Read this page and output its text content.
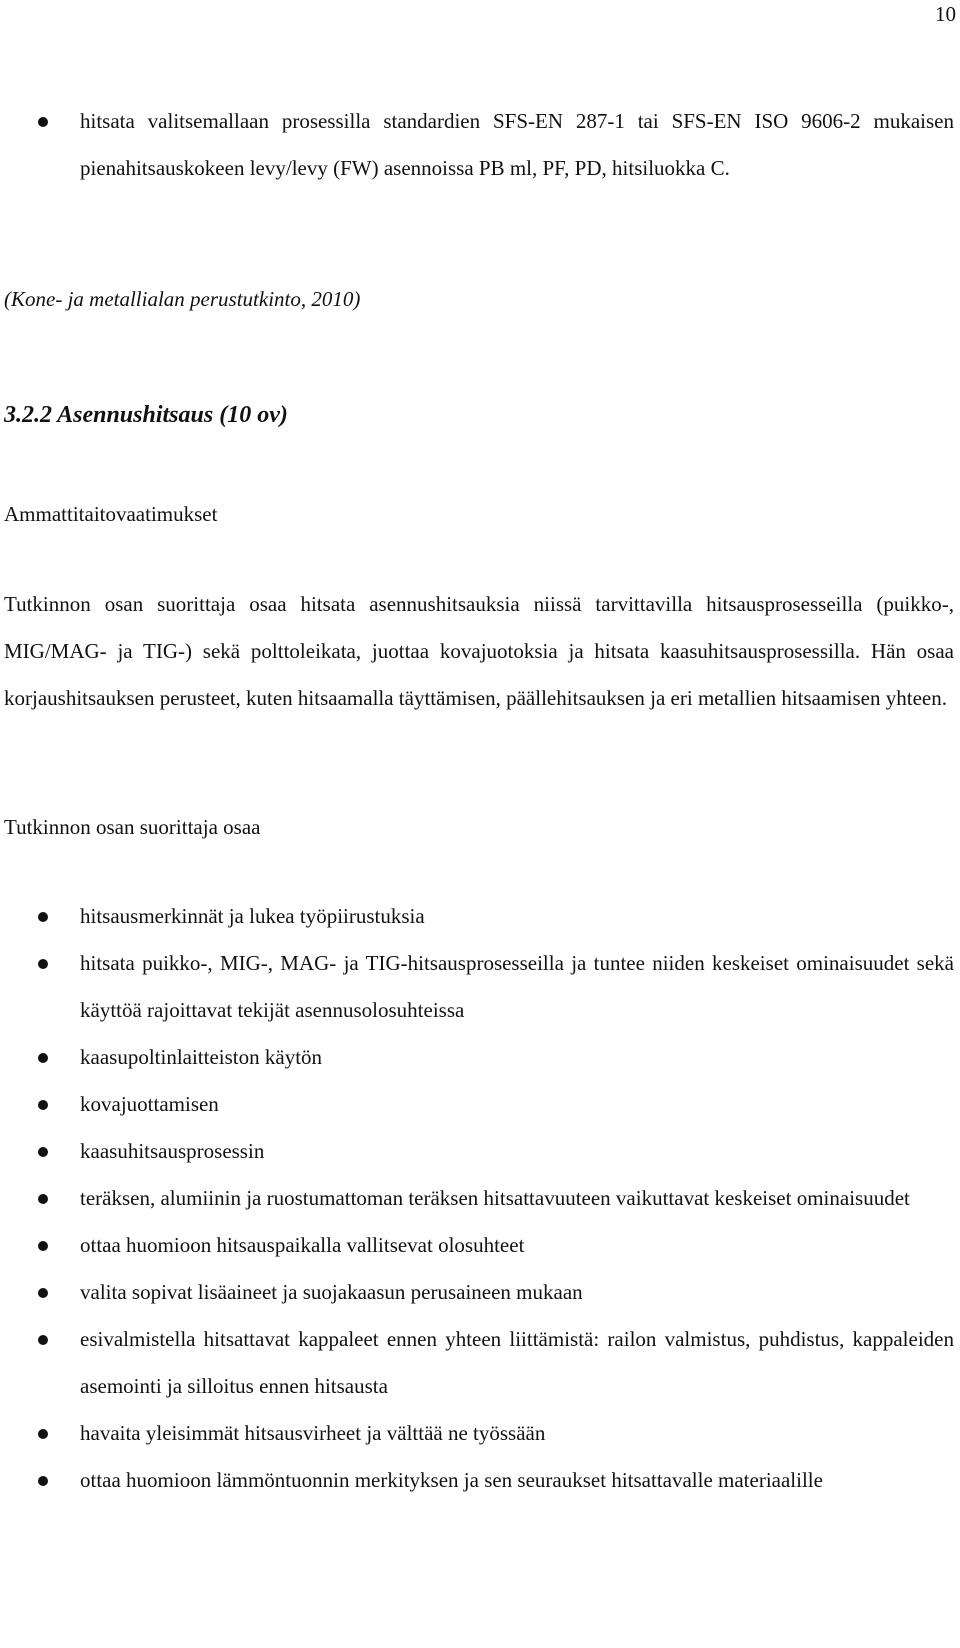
10
hitsata valitsemallaan prosessilla standardien SFS-EN 287-1 tai SFS-EN ISO 9606-2 mukaisen pienahitsauskokeen levy/levy (FW) asennoissa PB ml, PF, PD, hitsiluokka C.
(Kone- ja metallialan perustutkinto, 2010)
3.2.2 Asennushitsaus (10 ov)
Ammattitaitovaatimukset
Tutkinnon osan suorittaja osaa hitsata asennushitsauksia niissä tarvittavilla hitsausprosesseilla (puikko-, MIG/MAG- ja TIG-) sekä polttoleikata, juottaa kovajuotoksia ja hitsata kaasuhitsausprosessilla. Hän osaa korjaushitsauksen perusteet, kuten hitsaamalla täyttämisen, päällehitsauksen ja eri metallien hitsaamisen yhteen.
Tutkinnon osan suorittaja osaa
hitsausmerkinnät ja lukea työpiirustuksia
hitsata puikko-, MIG-, MAG- ja TIG-hitsausprosesseilla ja tuntee niiden keskeiset ominaisuudet sekä käyttöä rajoittavat tekijät asennusolosuhteissa
kaasupoltinlaitteiston käytön
kovajuottamisen
kaasuhitsausprosessin
teräksen, alumiinin ja ruostumattoman teräksen hitsattavuuteen vaikuttavat keskeiset ominaisuudet
ottaa huomioon hitsauspaikalla vallitsevat olosuhteet
valita sopivat lisäaineet ja suojakaasun perusaineen mukaan
esivalmistella hitsattavat kappaleet ennen yhteen liittämistä: railon valmistus, puhdistus, kappaleiden asemointi ja silloitus ennen hitsausta
havaita yleisimmät hitsausvirheet ja välttää ne työssään
ottaa huomioon lämmöntuonnin merkityksen ja sen seuraukset hitsattavalle materiaalille
